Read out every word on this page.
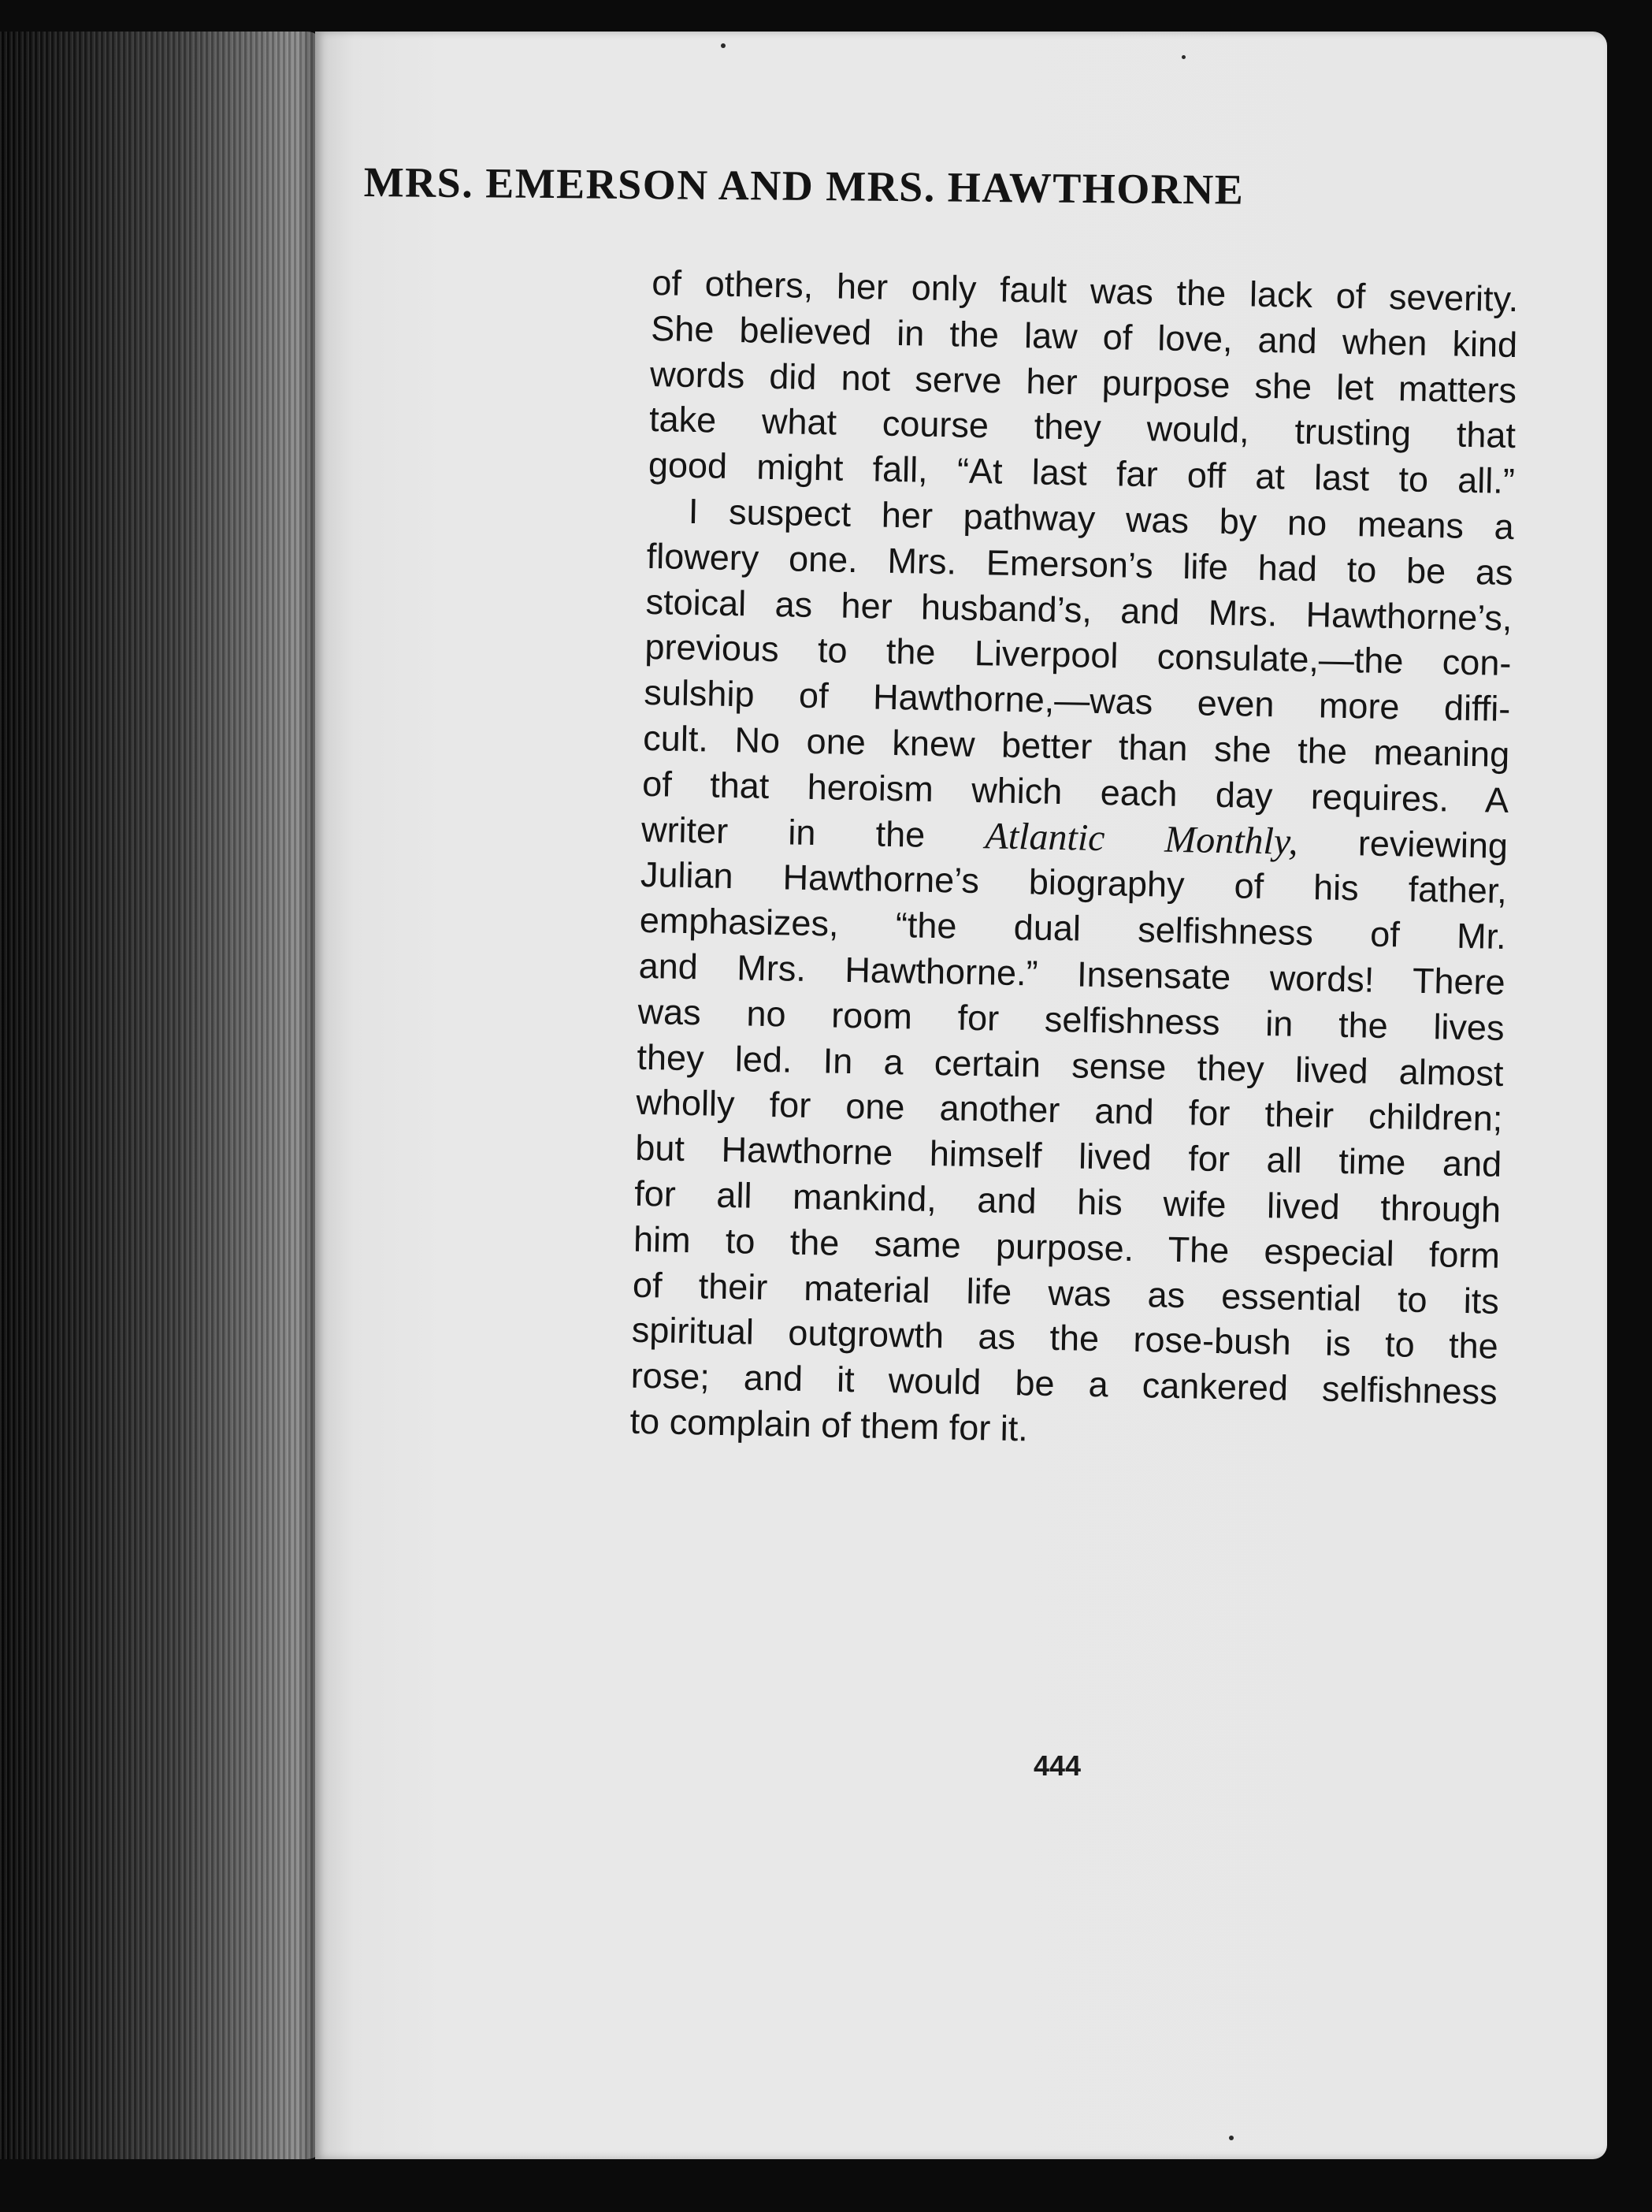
MRS. EMERSON AND MRS. HAWTHORNE
of others, her only fault was the lack of severity.
She believed in the law of love, and when kind
words did not serve her purpose she let matters
take what course they would, trusting that
good might fall, “At last far off at last to all.”
I suspect her pathway was by no means a
flowery one. Mrs. Emerson’s life had to be as
stoical as her husband’s, and Mrs. Hawthorne’s,
previous to the Liverpool consulate,—the con-
sulship of Hawthorne,—was even more diffi-
cult. No one knew better than she the meaning
of that heroism which each day requires. A
writer in the Atlantic Monthly, reviewing
Julian Hawthorne’s biography of his father,
emphasizes, “the dual selfishness of Mr.
and Mrs. Hawthorne.” Insensate words! There
was no room for selfishness in the lives
they led. In a certain sense they lived almost
wholly for one another and for their children;
but Hawthorne himself lived for all time and
for all mankind, and his wife lived through
him to the same purpose. The especial form
of their material life was as essential to its
spiritual outgrowth as the rose-bush is to the
rose; and it would be a cankered selfishness
to complain of them for it.

444
